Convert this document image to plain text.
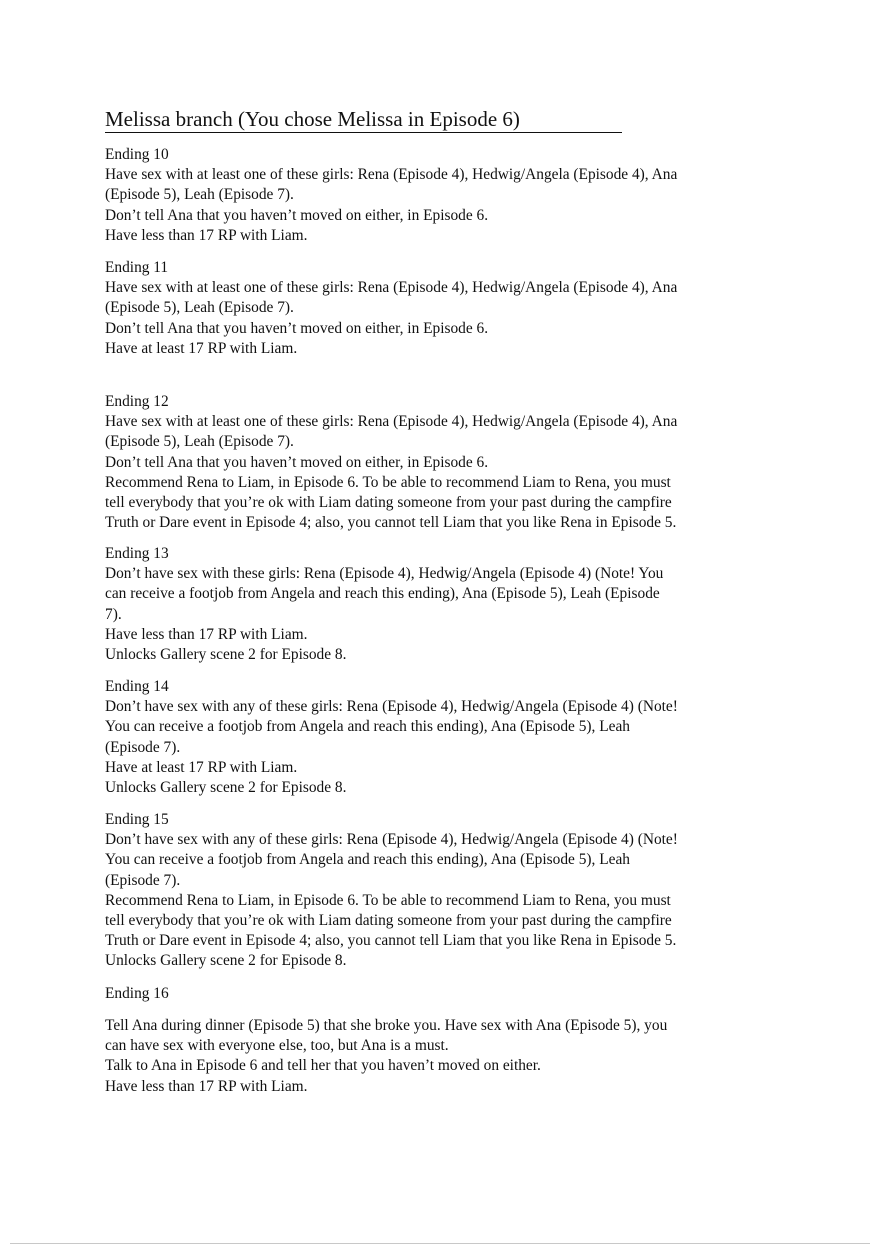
Melissa branch (You chose Melissa in Episode 6)

Ending 10

Have sex with at least one of these girls: Rena (Episode 4), Hedwig/Angela (Episode 4), Ana

(Episode 5), Leah (Episode 7).

Don’t tell Ana that you haven’t moved on either, in Episode 6.

Have less than 17 RP with Liam.

Ending 11

Have sex with at least one of these girls: Rena (Episode 4), Hedwig/Angela (Episode 4), Ana

(Episode 5), Leah (Episode 7).

Don’t tell Ana that you haven’t moved on either, in Episode 6.

Have at least 17 RP with Liam.

Ending 12

Have sex with at least one of these girls: Rena (Episode 4), Hedwig/Angela (Episode 4), Ana

(Episode 5), Leah (Episode 7).

Don’t tell Ana that you haven’t moved on either, in Episode 6.

Recommend Rena to Liam, in Episode 6. To be able to recommend Liam to Rena, you must

tell everybody that you’re ok with Liam dating someone from your past during the campfire

Truth or Dare event in Episode 4; also, you cannot tell Liam that you like Rena in Episode 5.

Ending 13

Don’t have sex with these girls: Rena (Episode 4), Hedwig/Angela (Episode 4) (Note! You

can receive a footjob from Angela and reach this ending), Ana (Episode 5), Leah (Episode

7).

Have less than 17 RP with Liam.

Unlocks Gallery scene 2 for Episode 8.

Ending 14

Don’t have sex with any of these girls: Rena (Episode 4), Hedwig/Angela (Episode 4) (Note!

You can receive a footjob from Angela and reach this ending), Ana (Episode 5), Leah

(Episode 7).

Have at least 17 RP with Liam.

Unlocks Gallery scene 2 for Episode 8.

Ending 15

Don’t have sex with any of these girls: Rena (Episode 4), Hedwig/Angela (Episode 4) (Note!

You can receive a footjob from Angela and reach this ending), Ana (Episode 5), Leah

(Episode 7).

Recommend Rena to Liam, in Episode 6. To be able to recommend Liam to Rena, you must

tell everybody that you’re ok with Liam dating someone from your past during the campfire

Truth or Dare event in Episode 4; also, you cannot tell Liam that you like Rena in Episode 5.

Unlocks Gallery scene 2 for Episode 8.

Ending 16

Tell Ana during dinner (Episode 5) that she broke you. Have sex with Ana (Episode 5), you

can have sex with everyone else, too, but Ana is a must.

Talk to Ana in Episode 6 and tell her that you haven’t moved on either.

Have less than 17 RP with Liam.
